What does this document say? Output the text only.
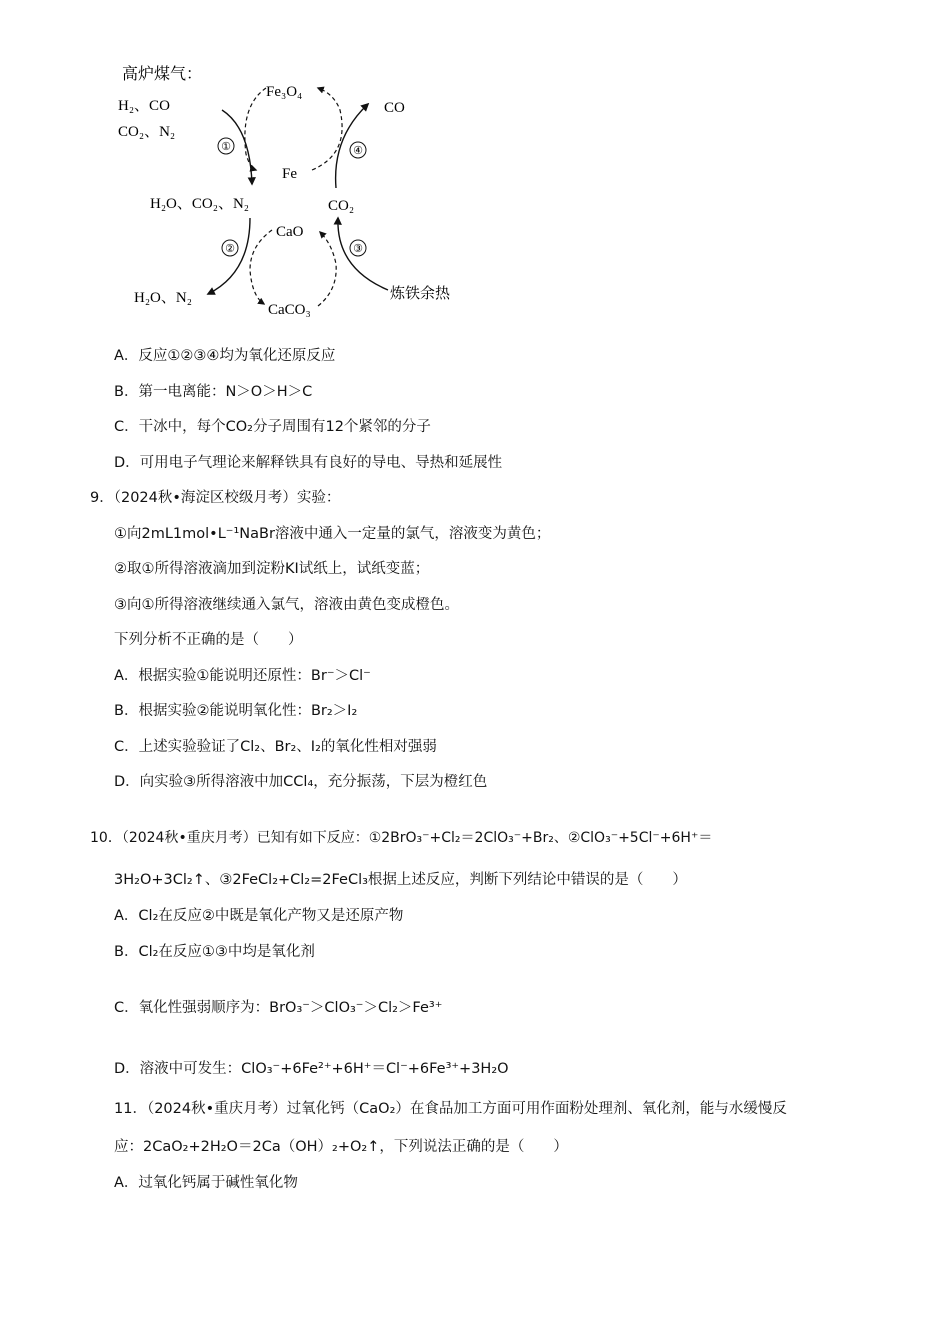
高炉煤气：
H₂、CO
CO₂、N₂
H₂O、CO₂、N₂
H₂O、N₂
Fe₃O₄
Fe
CO
CO₂
CaO
CaCO₃
炼铁余热
①
②	③
④
A．反应①②③④均为氧化还原反应
B．第一电离能：N＞O＞H＞C
C．干冰中，每个CO₂分子周围有12个紧邻的分子
D．可用电子气理论来解释铁具有良好的导电、导热和延展性
9．（2024秋•海淀区校级月考）实验：
①向2mL1mol•L⁻¹NaBr溶液中通入一定量的氯气，溶液变为黄色；
②取①所得溶液滴加到淀粉KI试纸上，试纸变蓝；
③向①所得溶液继续通入氯气，溶液由黄色变成橙色。
下列分析不正确的是（　　）
A．根据实验①能说明还原性：Br⁻＞Cl⁻
B．根据实验②能说明氧化性：Br₂＞I₂
C．上述实验验证了Cl₂、Br₂、I₂的氧化性相对强弱
D．向实验③所得溶液中加CCl₄，充分振荡，下层为橙红色
10．（2024秋•重庆月考）已知有如下反应：①2BrO₃⁻+Cl₂＝2ClO₃⁻+Br₂、②ClO₃⁻+5Cl⁻+6H⁺＝
3H₂O+3Cl₂↑、③2FeCl₂+Cl₂=2FeCl₃根据上述反应，判断下列结论中错误的是（　　）
A．Cl₂在反应②中既是氧化产物又是还原产物
B．Cl₂在反应①③中均是氧化剂
C．氧化性强弱顺序为：BrO₃⁻＞ClO₃⁻＞Cl₂＞Fe³⁺
D．溶液中可发生：ClO₃⁻+6Fe²⁺+6H⁺＝Cl⁻+6Fe³⁺+3H₂O
11．（2024秋•重庆月考）过氧化钙（CaO₂）在食品加工方面可用作面粉处理剂、氧化剂，能与水缓慢反
应：2CaO₂+2H₂O＝2Ca（OH）₂+O₂↑，下列说法正确的是（　　）
A．过氧化钙属于碱性氧化物
